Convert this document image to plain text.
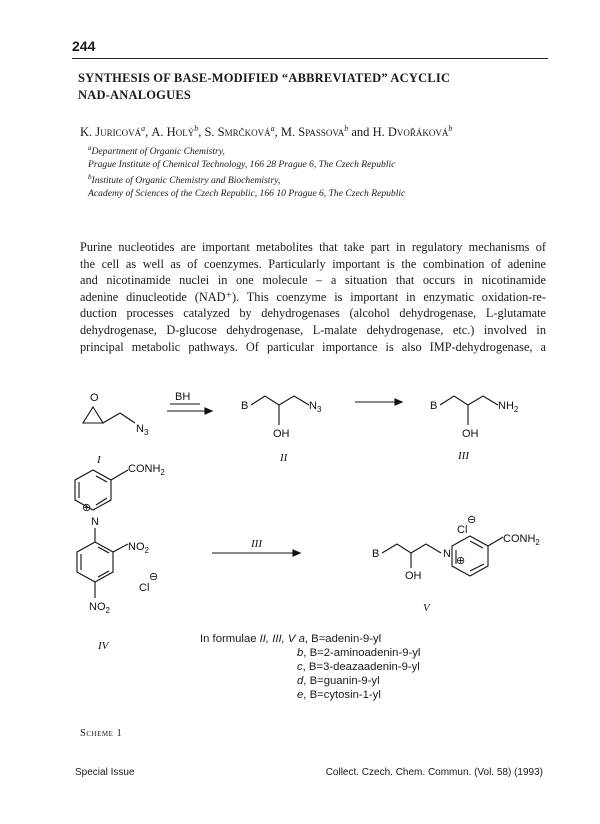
244
SYNTHESIS OF BASE-MODIFIED “ABBREVIATED” ACYCLIC
NAD-ANALOGUES
K. Juricová$^a$, A. Holý$^b$, S. Smrčková$^a$, M. Spassova$^b$ and H. Dvořáková$^b$
$^a$Department of Organic Chemistry,
Prague Institute of Chemical Technology, 166 28 Prague 6, The Czech Republic
$^b$Institute of Organic Chemistry and Biochemistry,
Academy of Sciences of the Czech Republic, 166 10 Prague 6, The Czech Republic
Purine nucleotides are important metabolites that take part in regulatory mechanisms of
the cell as well as of coenzymes. Particularly important is the combination of adenine
and nicotinamide nuclei in one molecule – a situation that occurs in nicotinamide
adenine dinucleotide (NAD⁺). This coenzyme is important in enzymatic oxidation-re-
duction processes catalyzed by dehydrogenases (alcohol dehydrogenase, L-glutamate
dehydrogenase, D-glucose dehydrogenase, L-malate dehydrogenase, etc.) involved in
principal metabolic pathways. Of particular importance is also IMP-dehydrogenase, a
O
$N_3$
I
BH
B
OH
$N_3$
II
B
OH
$NH_2$
III
$CONH_2$
⊕
N
$NO_2$
$NO_2$
Cl
⊖
IV
III
B
OH
N
⊕
$CONH_2$
Cl
⊖
V
In formulae II, III, V a, B=adenin-9-yl
b, B=2-aminoadenin-9-yl
c, B=3-deazaadenin-9-yl
d, B=guanin-9-yl
e, B=cytosin-1-yl
Scheme 1
Special Issue	Collect. Czech. Chem. Commun. (Vol. 58) (1993)
